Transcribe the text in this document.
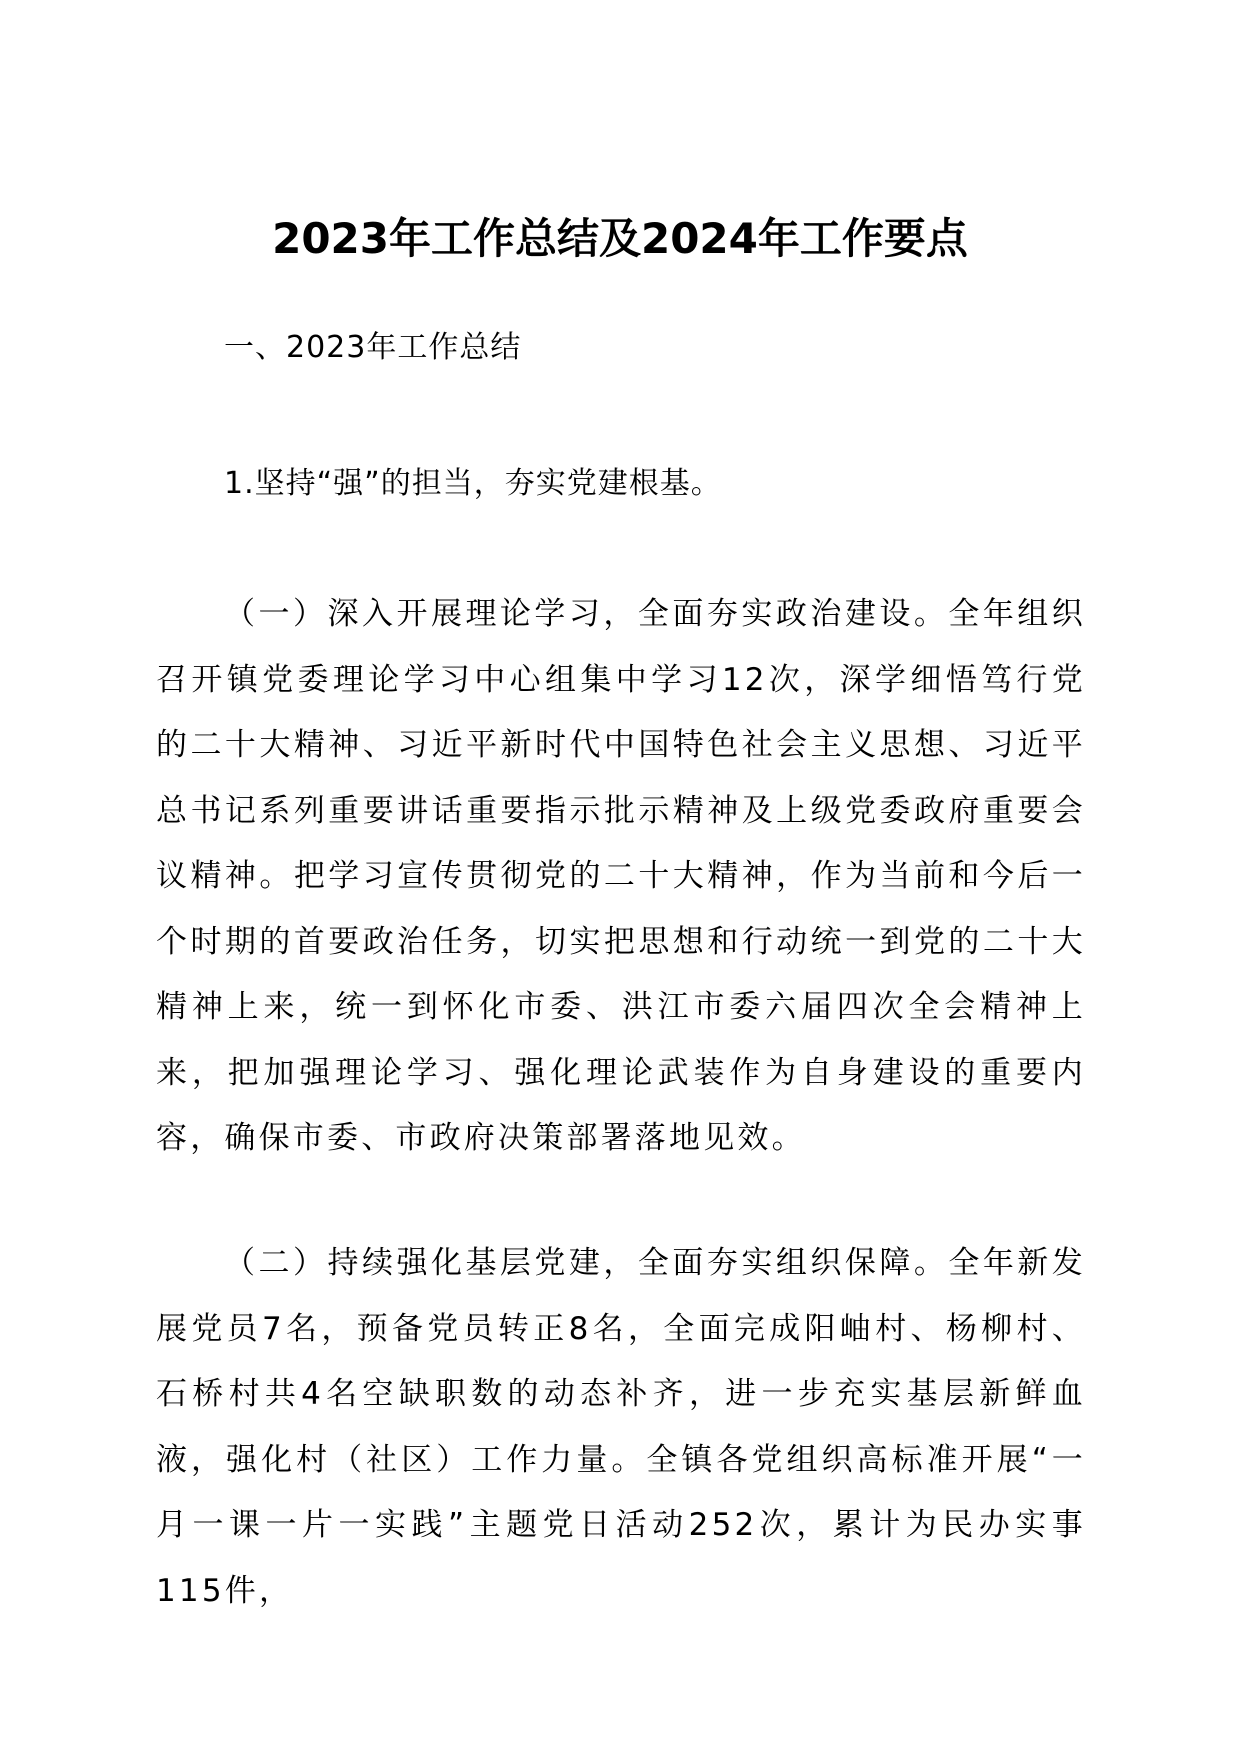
2023年工作总结及2024年工作要点
一、2023年工作总结
1.坚持“强”的担当，夯实党建根基。

（一）深入开展理论学习，全面夯实政治建设。全年组织召开镇党委理论学习中心组集中学习12次，深学细悟笃行党的二十大精神、习近平新时代中国特色社会主义思想、习近平总书记系列重要讲话重要指示批示精神及上级党委政府重要会议精神。把学习宣传贯彻党的二十大精神，作为当前和今后一个时期的首要政治任务，切实把思想和行动统一到党的二十大精神上来，统一到怀化市委、洪江市委六届四次全会精神上来，把加强理论学习、强化理论武装作为自身建设的重要内容，确保市委、市政府决策部署落地见效。

（二）持续强化基层党建，全面夯实组织保障。全年新发展党员7名，预备党员转正8名，全面完成阳岫村、杨柳村、石桥村共4名空缺职数的动态补齐，进一步充实基层新鲜血液，强化村（社区）工作力量。全镇各党组织高标准开展“一月一课一片一实践”主题党日活动252次，累计为民办实事115件，
